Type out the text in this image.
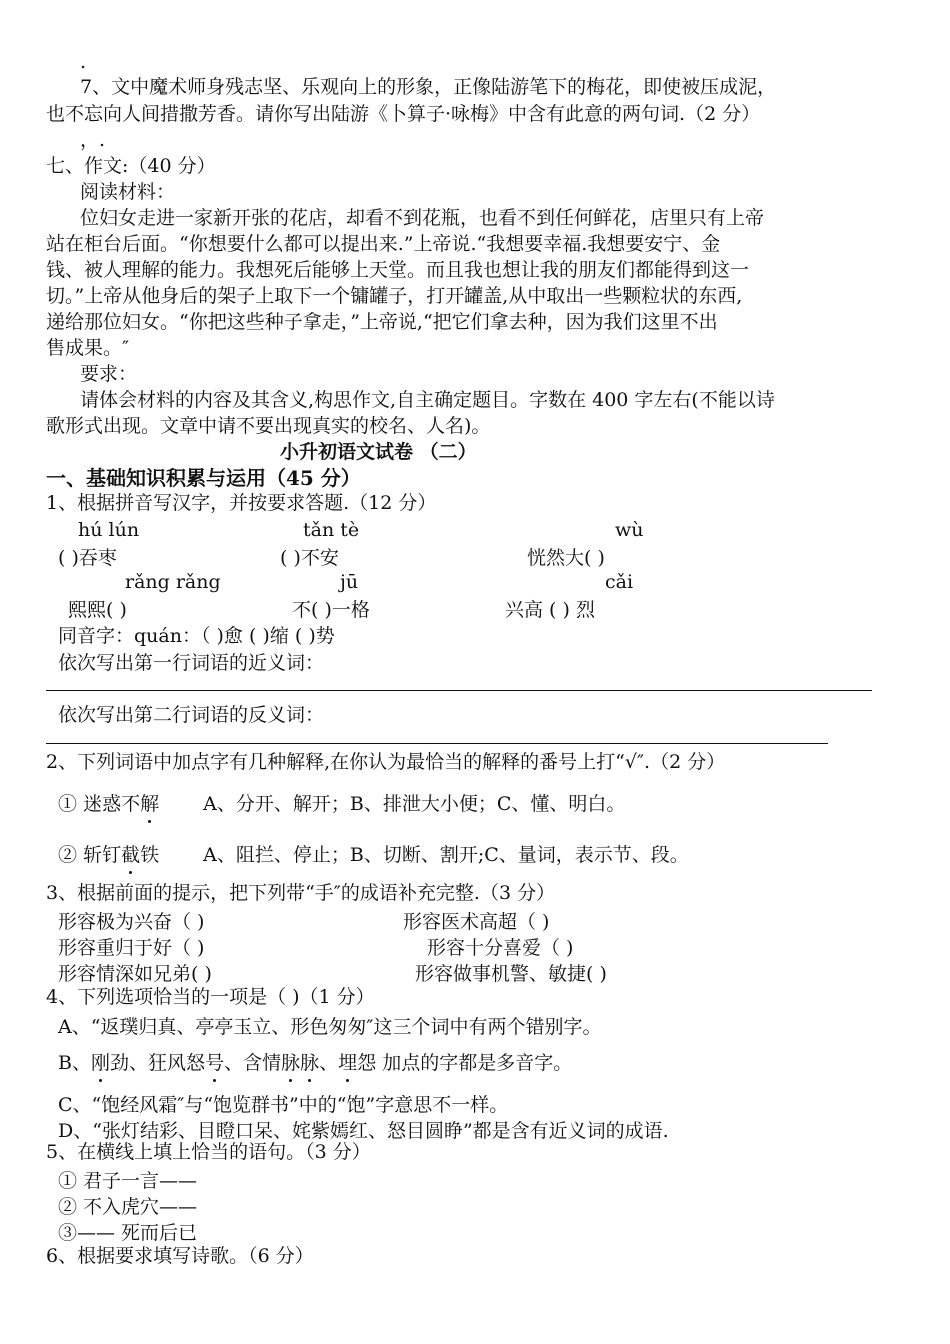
.
7、文中魔术师身残志坚、乐观向上的形象，正像陆游笔下的梅花，即使被压成泥，
也不忘向人间措撒芳香。请你写出陆游《卜算子·咏梅》中含有此意的两句词.（2 分）
，.
七、作文:（40 分）
阅读材料：
位妇女走进一家新开张的花店，却看不到花瓶，也看不到任何鲜花，店里只有上帝
站在柜台后面。“你想要什么都可以提出来.”上帝说.“我想要幸福.我想要安宁、金
钱、被人理解的能力。我想死后能够上天堂。而且我也想让我的朋友们都能得到这一
切。”上帝从他身后的架子上取下一个镛罐子，打开罐盖,从中取出一些颗粒状的东西,
递给那位妇女。“你把这些种子拿走，”上帝说,“把它们拿去种，因为我们这里不出
售成果。″
要求：
请体会材料的内容及其含义,构思作文,自主确定题目。字数在 400 字左右(不能以诗
歌形式出现。文章中请不要出现真实的校名、人名)。
小升初语文试卷 （二）
一、基础知识积累与运用（45 分）
1、根据拼音写汉字，并按要求答题.（12 分）
hú lún	tǎn tè	wù
( )吞枣	( )不安	恍然大( )
rǎng rǎng	jū	cǎi
熙熙( )	不( )一格	兴高 ( ) 烈
同音字：quán：（ )愈 ( )缩 ( )势
依次写出第一行词语的近义词：
依次写出第二行词语的反义词：
2、下列词语中加点字有几种解释,在你认为最恰当的解释的番号上打“√″.（2 分）
① 迷惑不解 A、分开、解开；B、排泄大小便；C、懂、明白。
② 斩钉截铁 A、阻拦、停止；B、切断、割开;C、量词，表示节、段。
3、根据前面的提示，把下列带“手″的成语补充完整.（3 分）
形容极为兴奋（ )	形容医术高超（ )
形容重归于好（ )	形容十分喜爱（ )
形容情深如兄弟( )	形容做事机警、敏捷( )
4、下列选项恰当的一项是（ )（1 分）
A、“返璞归真、亭亭玉立、形色匆匆″这三个词中有两个错别字。
B、刚劲、狂风怒号、含情脉脉、埋怨 加点的字都是多音字。
C、“饱经风霜″与“饱览群书”中的“饱”字意思不一样。
D、“张灯结彩、目瞪口呆、姹紫嫣红、怒目圆睁”都是含有近义词的成语.
5、在横线上填上恰当的语句。（3 分）
① 君子一言——
② 不入虎穴——
③—— 死而后已
6、根据要求填写诗歌。（6 分）
